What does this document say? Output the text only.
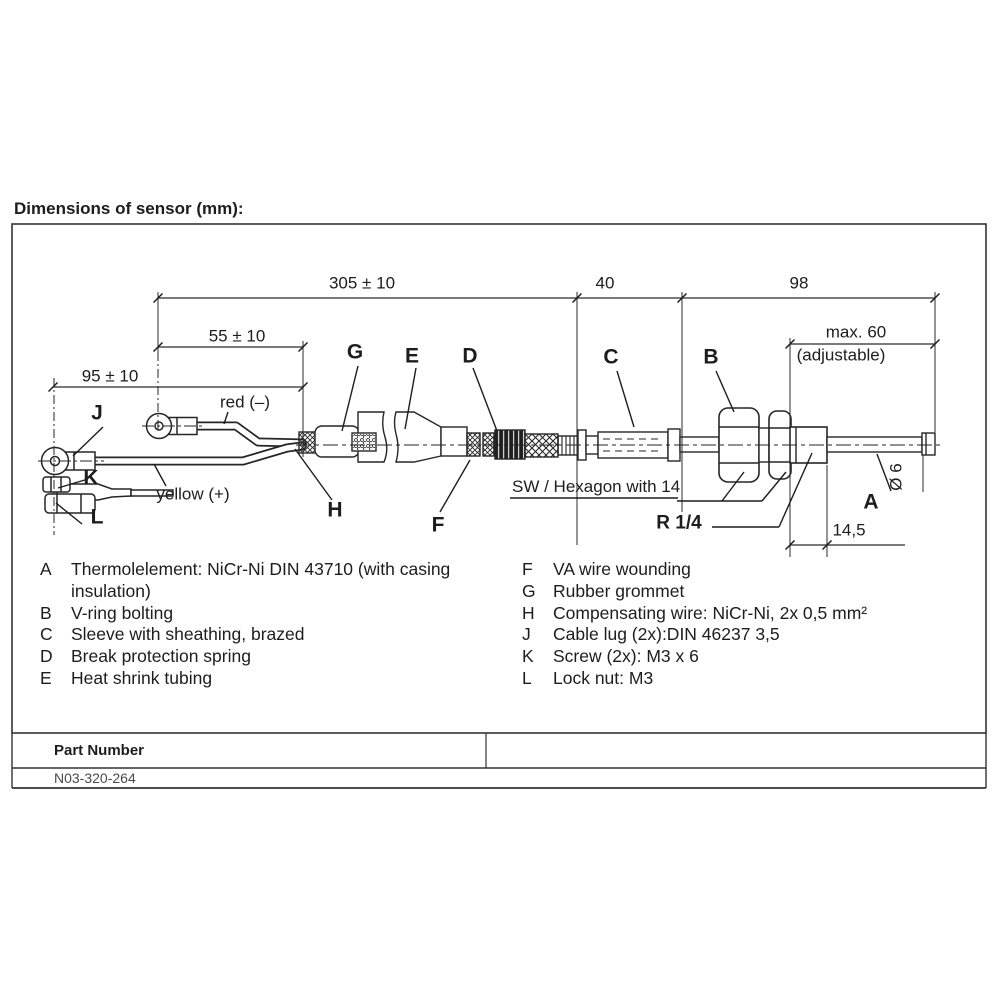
Dimensions of sensor (mm):
305 ± 10	40	98
55 ± 10
95 ± 10
max. 60
(adjustable)
14,5
Ø 6
red (–)
yellow (+)	SW / Hexagon with 14
R 1/4
G E D	C	B
J
K
L	H
F
A
A	Thermolelement: NiCr-Ni DIN 43710 (with casing insulation)
B	V-ring bolting
C	Sleeve with sheathing, brazed
D	Break protection spring
E	Heat shrink tubing
F	VA wire wounding
G Rubber grommet
H	Compensating wire: NiCr-Ni, 2x 0,5 mm²
J	Cable lug (2x):DIN 46237 3,5
K	Screw (2x): M3 x 6
L	Lock nut: M3
Part Number
N03-320-264
